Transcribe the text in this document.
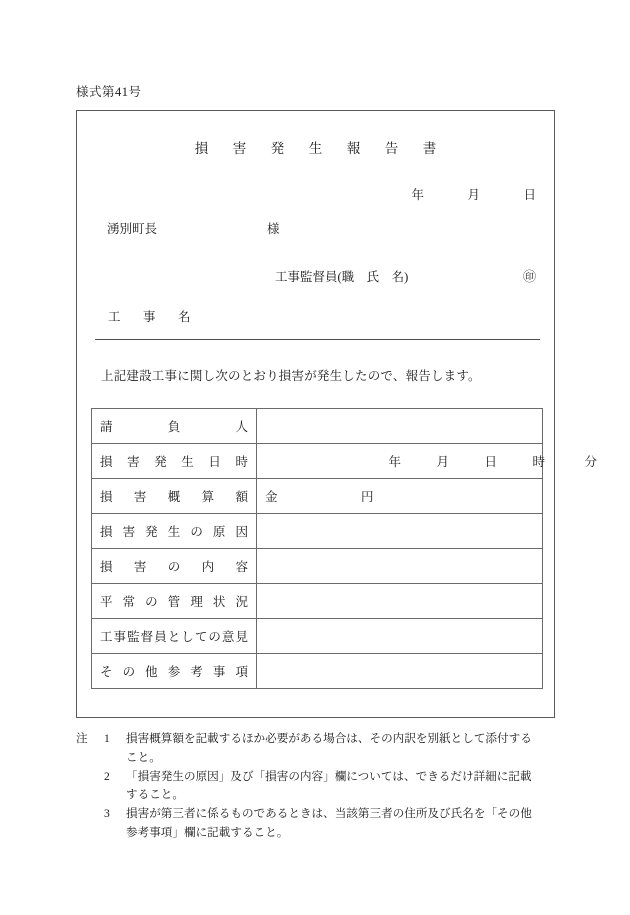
様式第41号
損　害　発　生　報　告　書
年	月	日
湧別町長	様
工事監督員(職　氏　名)	㊞
工　事　名
上記建設工事に関し次のとおり損害が発生したので、報告します。
請 負 人	

損 害 発 生 日 時	年	月	日	時	分

損 害 概 算 額	金 円

損 害 発 生 の 原 因

損 害 の 内 容	

平 常 の 管 理 状 況

工 事 監 督 員 と し て の 意 見

そ の 他 参 考 事 項

注	1	損害概算額を記載するほか必要がある場合は、その内訳を別紙として添付する
こと。
2	「損害発生の原因」及び「損害の内容」欄については、できるだけ詳細に記載
すること。
3	損害が第三者に係るものであるときは、当該第三者の住所及び氏名を「その他
参考事項」欄に記載すること。
